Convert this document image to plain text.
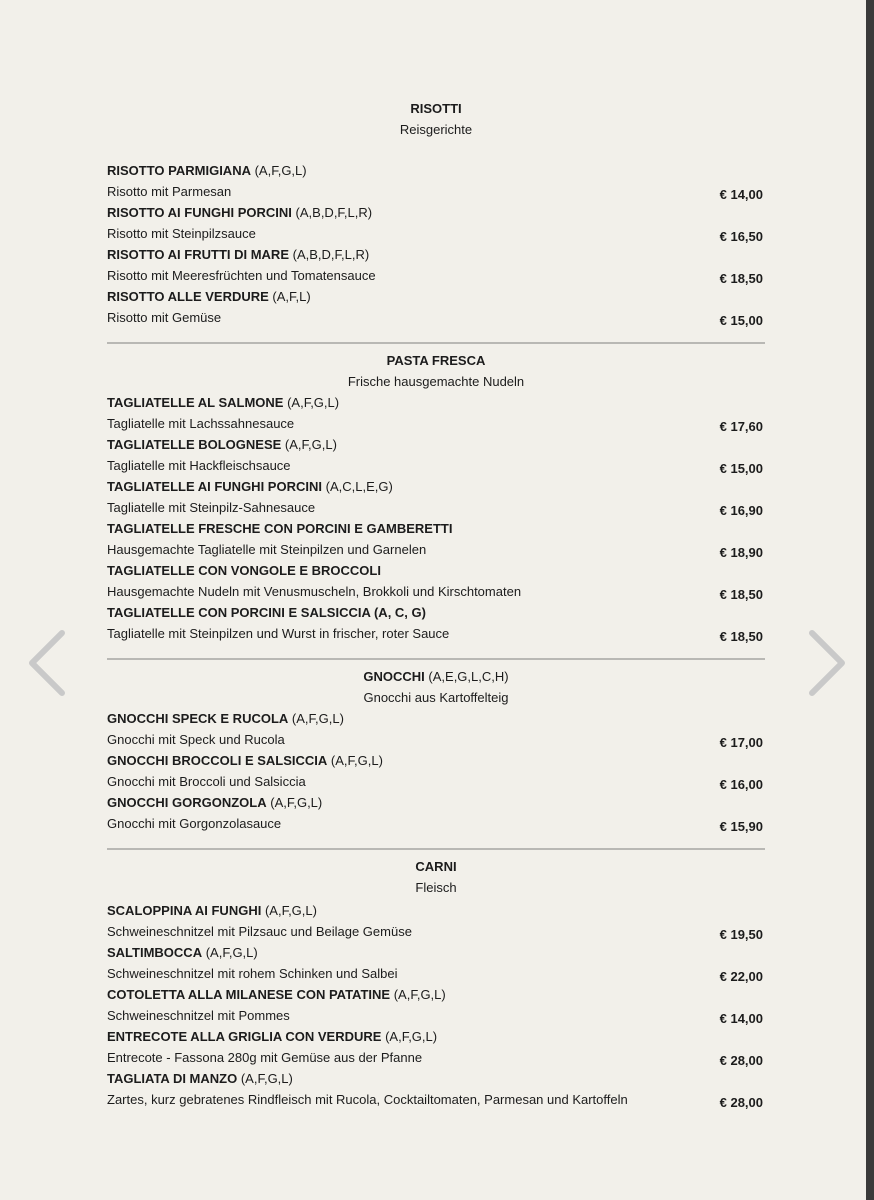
RISOTTI
Reisgerichte
RISOTTO PARMIGIANA (A,F,G,L)
Risotto mit Parmesan	€ 14,00
RISOTTO AI FUNGHI PORCINI (A,B,D,F,L,R)
Risotto mit Steinpilzsauce	€ 16,50
RISOTTO AI FRUTTI DI MARE (A,B,D,F,L,R)
Risotto mit Meeresfrüchten und Tomatensauce	€ 18,50
RISOTTO ALLE VERDURE (A,F,L)
Risotto mit Gemüse	€ 15,00
PASTA FRESCA
Frische hausgemachte Nudeln
TAGLIATELLE AL SALMONE (A,F,G,L)
Tagliatelle mit Lachssahnesauce	€ 17,60
TAGLIATELLE BOLOGNESE (A,F,G,L)
Tagliatelle mit Hackfleischsauce	€ 15,00
TAGLIATELLE AI FUNGHI PORCINI (A,C,L,E,G)
Tagliatelle mit Steinpilz-Sahnesauce	€ 16,90
TAGLIATELLE FRESCHE CON PORCINI E GAMBERETTI
Hausgemachte Tagliatelle mit Steinpilzen und Garnelen	€ 18,90
TAGLIATELLE CON VONGOLE E BROCCOLI
Hausgemachte Nudeln mit Venusmuscheln, Brokkoli und Kirschtomaten	€ 18,50
TAGLIATELLE CON PORCINI E SALSICCIA (A, C, G)
Tagliatelle mit Steinpilzen und Wurst in frischer, roter Sauce	€ 18,50
GNOCCHI (A,E,G,L,C,H)
Gnocchi aus Kartoffelteig
GNOCCHI SPECK E RUCOLA (A,F,G,L)
Gnocchi mit Speck und Rucola	€ 17,00
GNOCCHI BROCCOLI E SALSICCIA (A,F,G,L)
Gnocchi mit Broccoli und Salsiccia	€ 16,00
GNOCCHI GORGONZOLA (A,F,G,L)
Gnocchi mit Gorgonzolasauce	€ 15,90
CARNI
Fleisch
SCALOPPINA AI FUNGHI (A,F,G,L)
Schweineschnitzel mit Pilzsauc und Beilage Gemüse	€ 19,50
SALTIMBOCCA (A,F,G,L)
Schweineschnitzel mit rohem Schinken und Salbei	€ 22,00
COTOLETTA ALLA MILANESE CON PATATINE (A,F,G,L)
Schweineschnitzel mit Pommes	€ 14,00
ENTRECOTE ALLA GRIGLIA CON VERDURE (A,F,G,L)
Entrecote - Fassona 280g mit Gemüse aus der Pfanne	€ 28,00
TAGLIATA DI MANZO (A,F,G,L)
Zartes, kurz gebratenes Rindfleisch mit Rucola, Cocktailtomaten, Parmesan und Kartoffeln	€ 28,00
